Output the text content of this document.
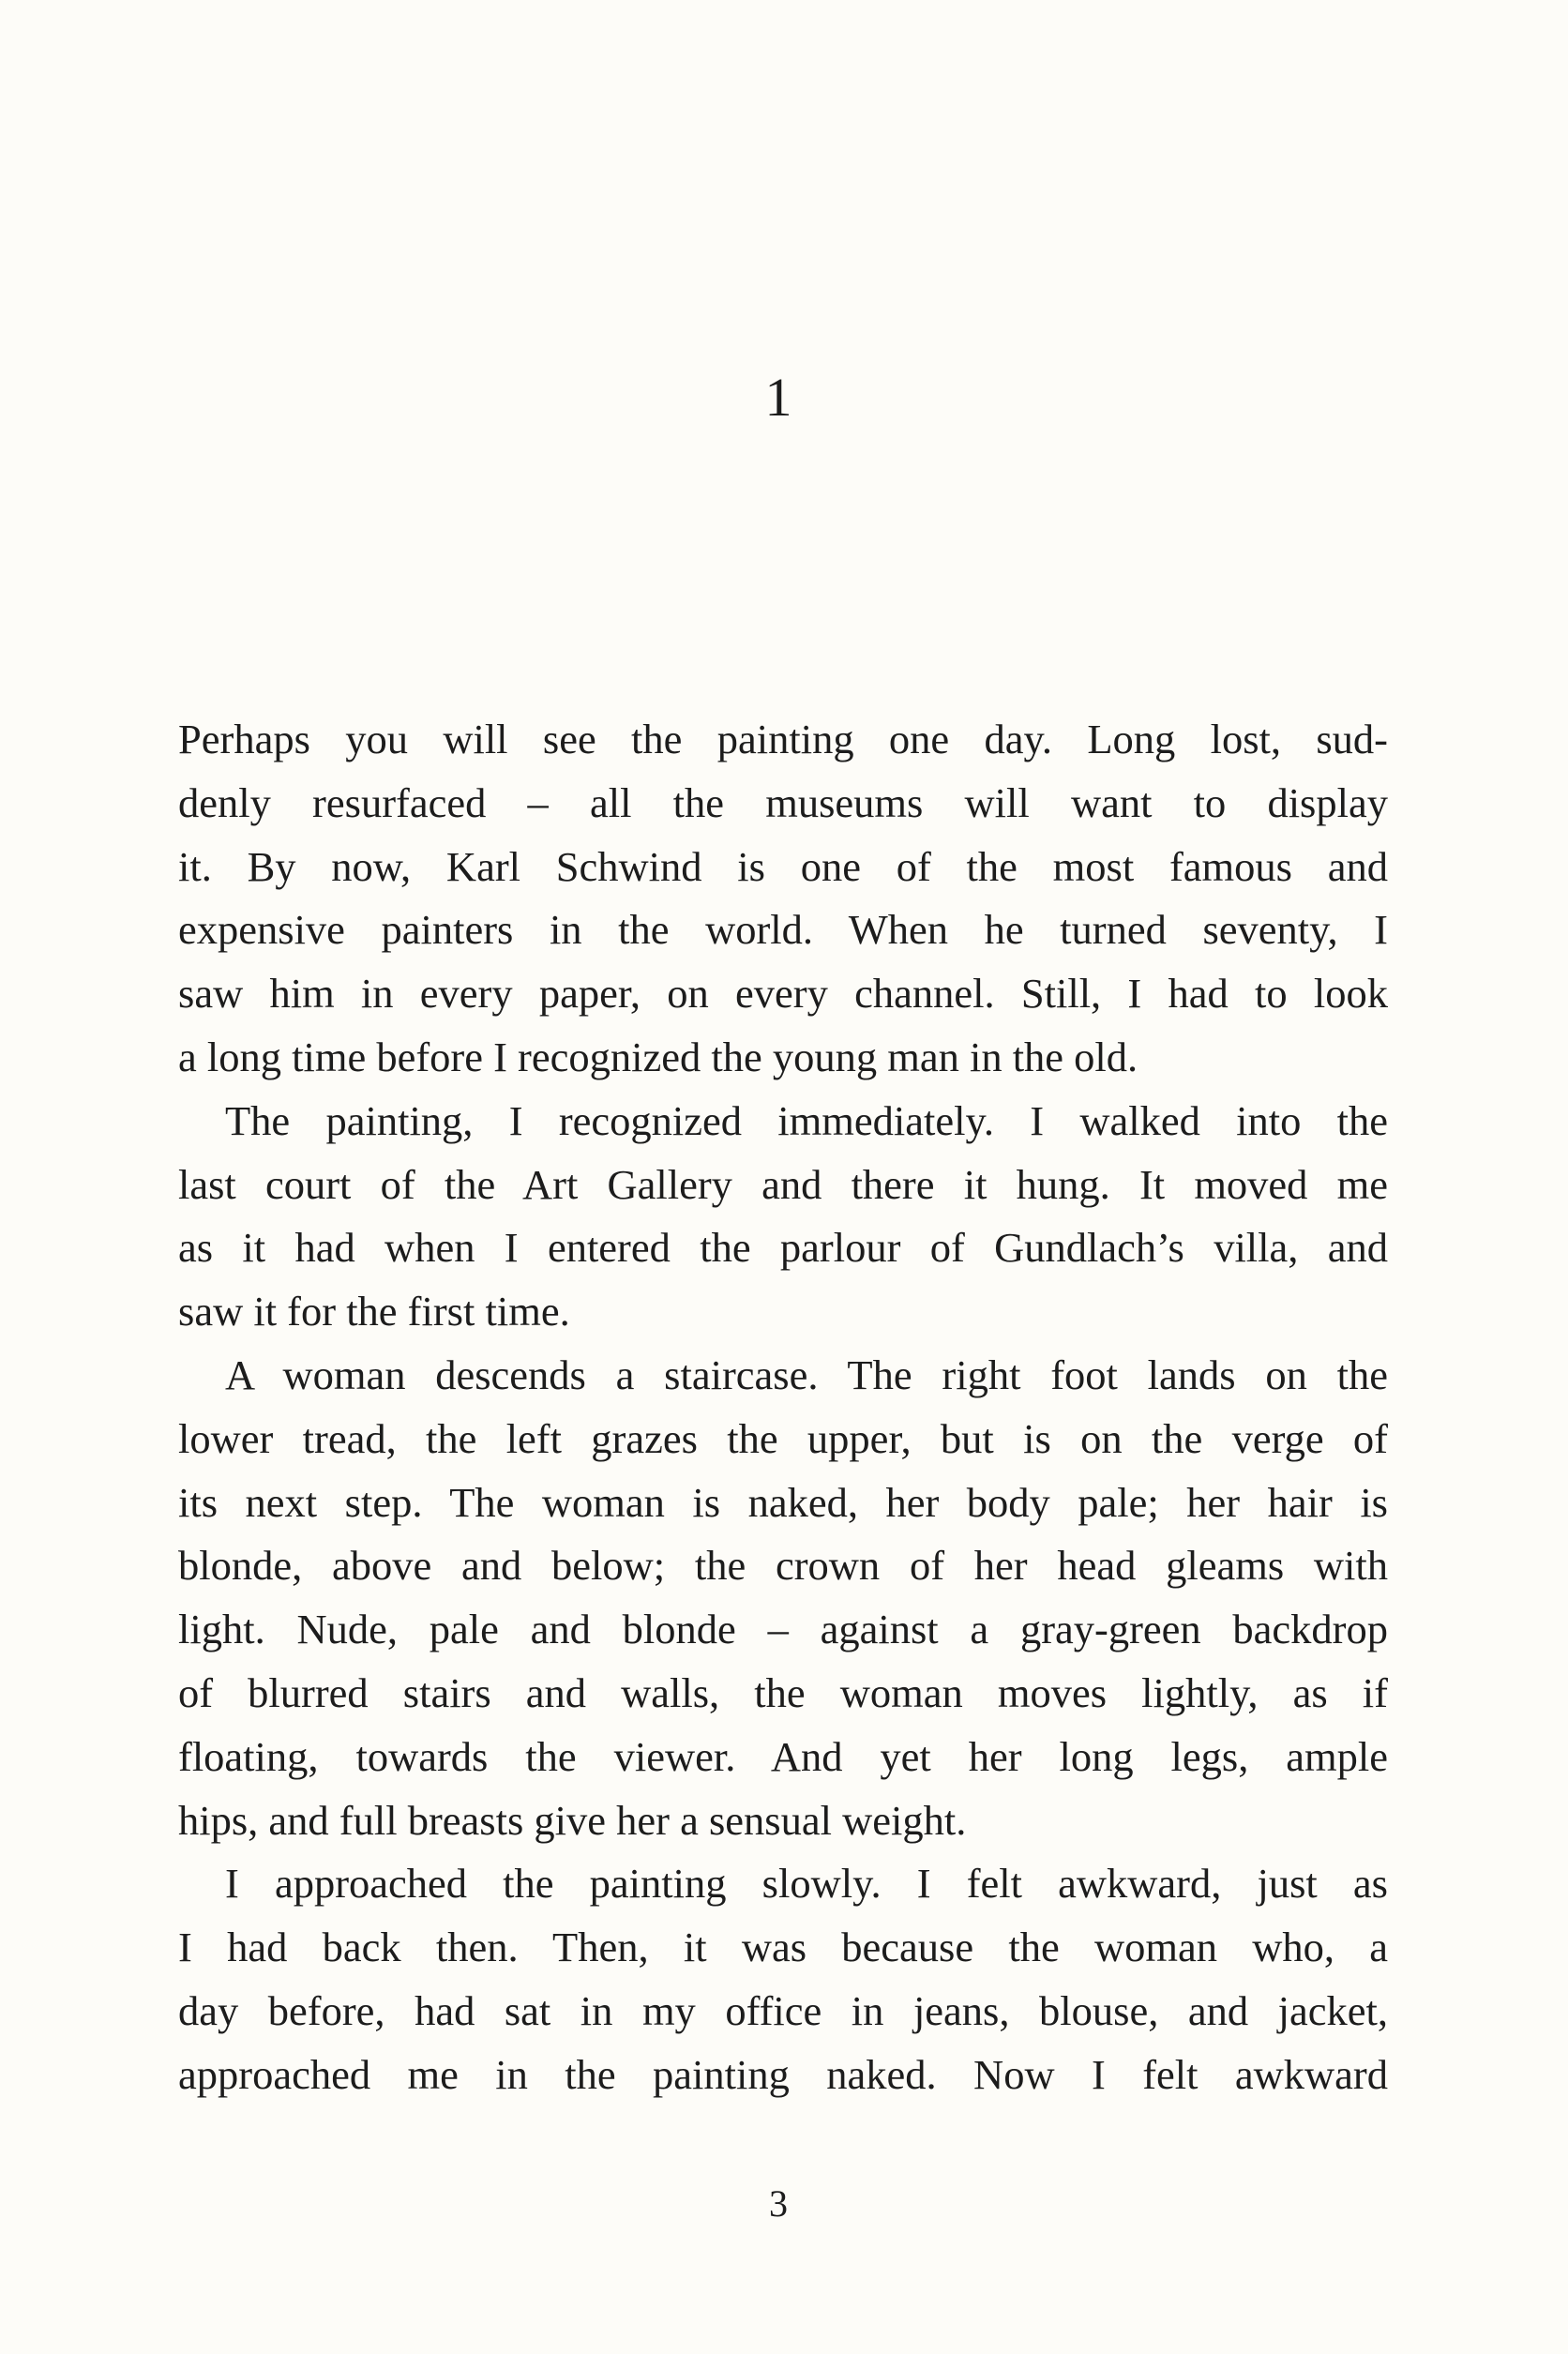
1
Perhaps you will see the painting one day. Long lost, sud-
denly resurfaced – all the museums will want to display
it. By now, Karl Schwind is one of the most famous and
expensive painters in the world. When he turned seventy, I
saw him in every paper, on every channel. Still, I had to look
a long time before I recognized the young man in the old.
The painting, I recognized immediately. I walked into the
last court of the Art Gallery and there it hung. It moved me
as it had when I entered the parlour of Gundlach’s villa, and
saw it for the first time.
A woman descends a staircase. The right foot lands on the
lower tread, the left grazes the upper, but is on the verge of
its next step. The woman is naked, her body pale; her hair is
blonde, above and below; the crown of her head gleams with
light. Nude, pale and blonde – against a gray-green backdrop
of blurred stairs and walls, the woman moves lightly, as if
floating, towards the viewer. And yet her long legs, ample
hips, and full breasts give her a sensual weight.
I approached the painting slowly. I felt awkward, just as
I had back then. Then, it was because the woman who, a
day before, had sat in my office in jeans, blouse, and jacket,
approached me in the painting naked. Now I felt awkward
3
